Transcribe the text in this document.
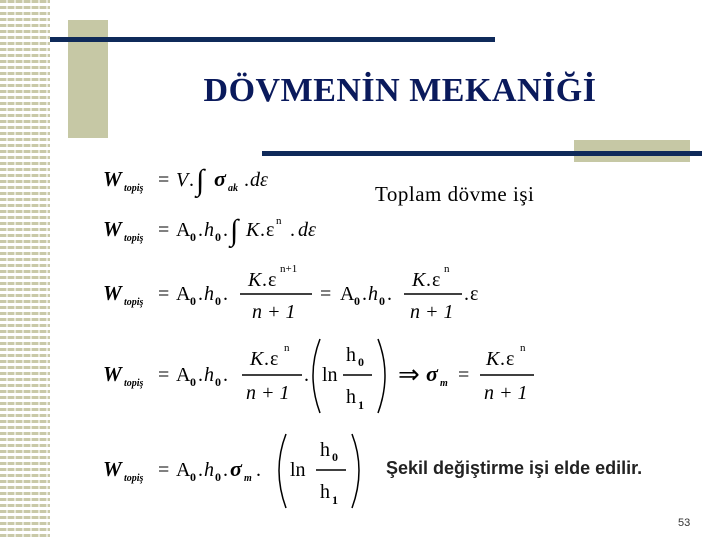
DÖVMENİN MEKANİĞİ
Toplam dövme işi
W topiş = V . ∫ σ ak . dε
W topiş = A 0 . h 0 . ∫ K . ε n . dε
W topiş = A 0 . h 0 .
K . ε n+1
n + 1
= A 0 . h 0 .
K . ε n
n + 1
. ε
W topiş = A 0 . h 0 .
K . ε n
n + 1
. ln
h 0
h 1
⇒ σ m =
K . ε n
n + 1
W topiş = A 0 . h 0 . σ m . ln
h 0
h 1
Şekil değiştirme işi elde edilir.
53
